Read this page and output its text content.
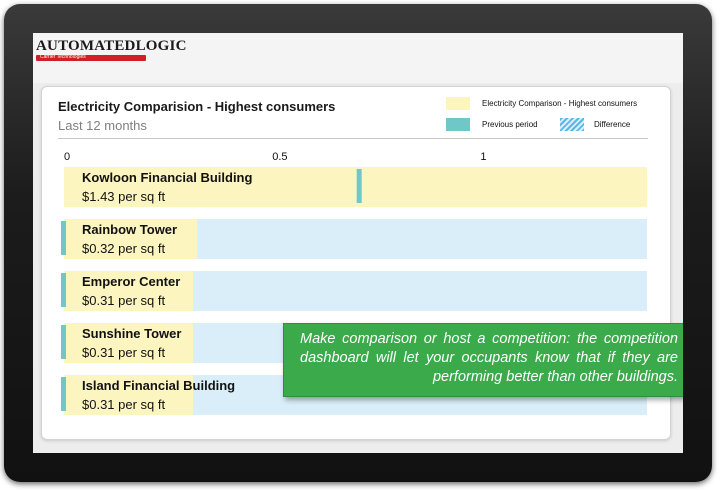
AUTOMATEDLOGIC
Carrier Technologies
Electricity Comparision - Highest consumers
Last 12 months
Electricity Comparison - Highest consumers
Previous period	Difference
0	0.5	1
Kowloon Financial Building
$1.43 per sq ft
Rainbow Tower
$0.32 per sq ft
Emperor Center
$0.31 per sq ft
Sunshine Tower
$0.31 per sq ft
Island Financial Building
$0.31 per sq ft
Make comparison or host a competition: the competition dashboard will let your occupants know that if they are performing better than other buildings.
